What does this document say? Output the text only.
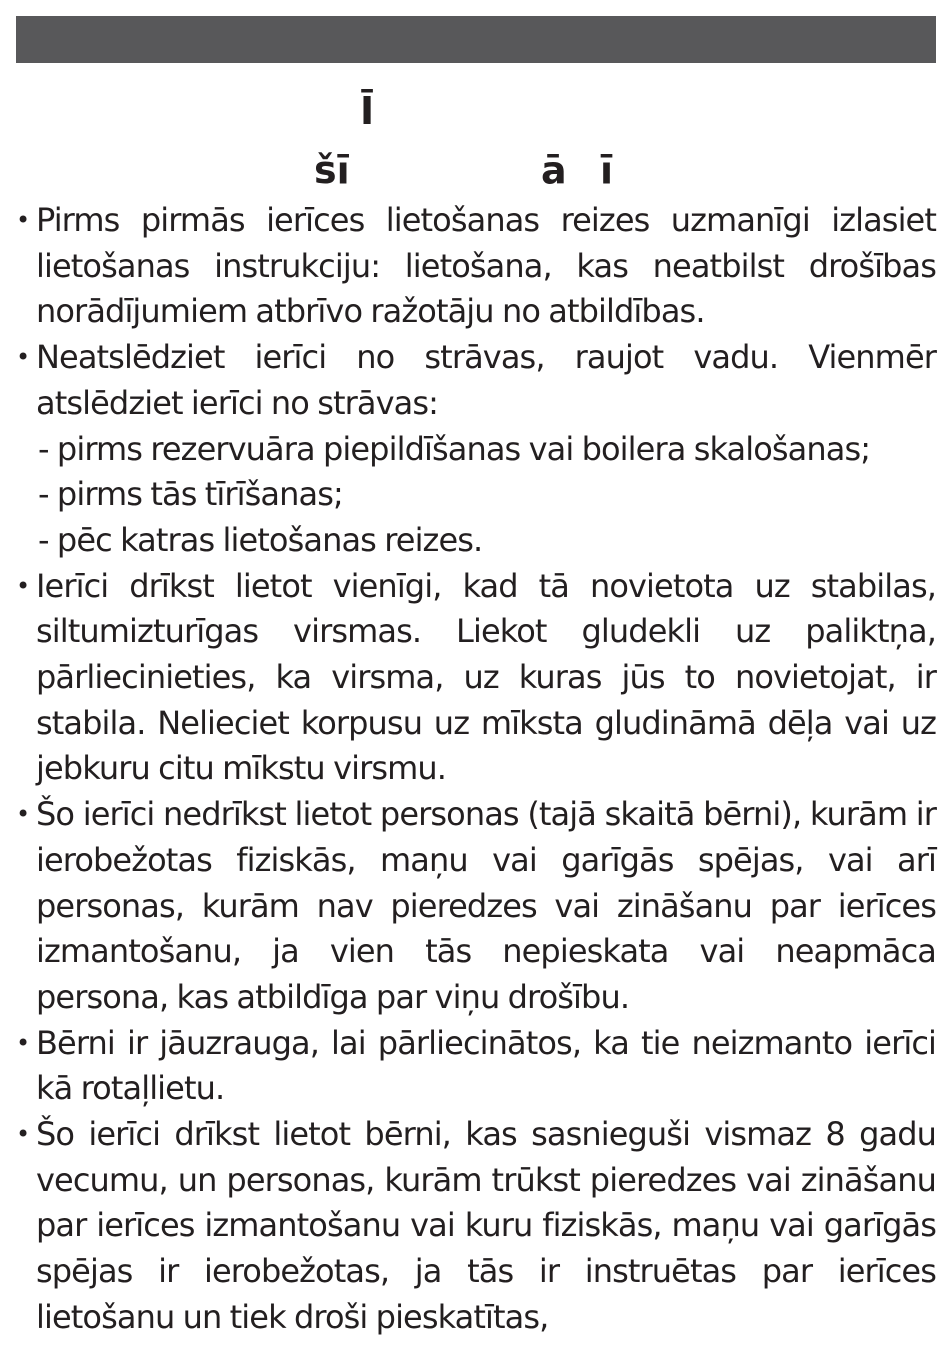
Ī
šī	ā ī
• Pirms pirmās ierīces lietošanas reizes uzmanīgi izlasiet lietošanas instrukciju: lietošana, kas neatbilst drošības norādījumiem atbrīvo ražotāju no atbildības.
• Neatslēdziet ierīci no strāvas, raujot vadu. Vienmēr atslēdziet ierīci no strāvas:
- pirms rezervuāra piepildīšanas vai boilera skalošanas;
- pirms tās tīrīšanas;
- pēc katras lietošanas reizes.
• Ierīci drīkst lietot vienīgi, kad tā novietota uz stabilas, siltumizturīgas virsmas. Liekot gludekli uz paliktņa, pārliecinieties, ka virsma, uz kuras jūs to novietojat, ir stabila. Nelieciet korpusu uz mīksta gludināmā dēļa vai uz jebkuru citu mīkstu virsmu.
• Šo ierīci nedrīkst lietot personas (tajā skaitā bērni), kurām ir ierobežotas fiziskās, maņu vai garīgās spējas, vai arī personas, kurām nav pieredzes vai zināšanu par ierīces izmantošanu, ja vien tās nepieskata vai neapmāca persona, kas atbildīga par viņu drošību.
• Bērni ir jāuzrauga, lai pārliecinātos, ka tie neizmanto ierīci kā rotaļlietu.
• Šo ierīci drīkst lietot bērni, kas sasnieguši vismaz 8 gadu vecumu, un personas, kurām trūkst pieredzes vai zināšanu par ierīces izmantošanu vai kuru fiziskās, maņu vai garīgās spējas ir ierobežotas, ja tās ir instruētas par ierīces lietošanu un tiek droši pieskatītas,
